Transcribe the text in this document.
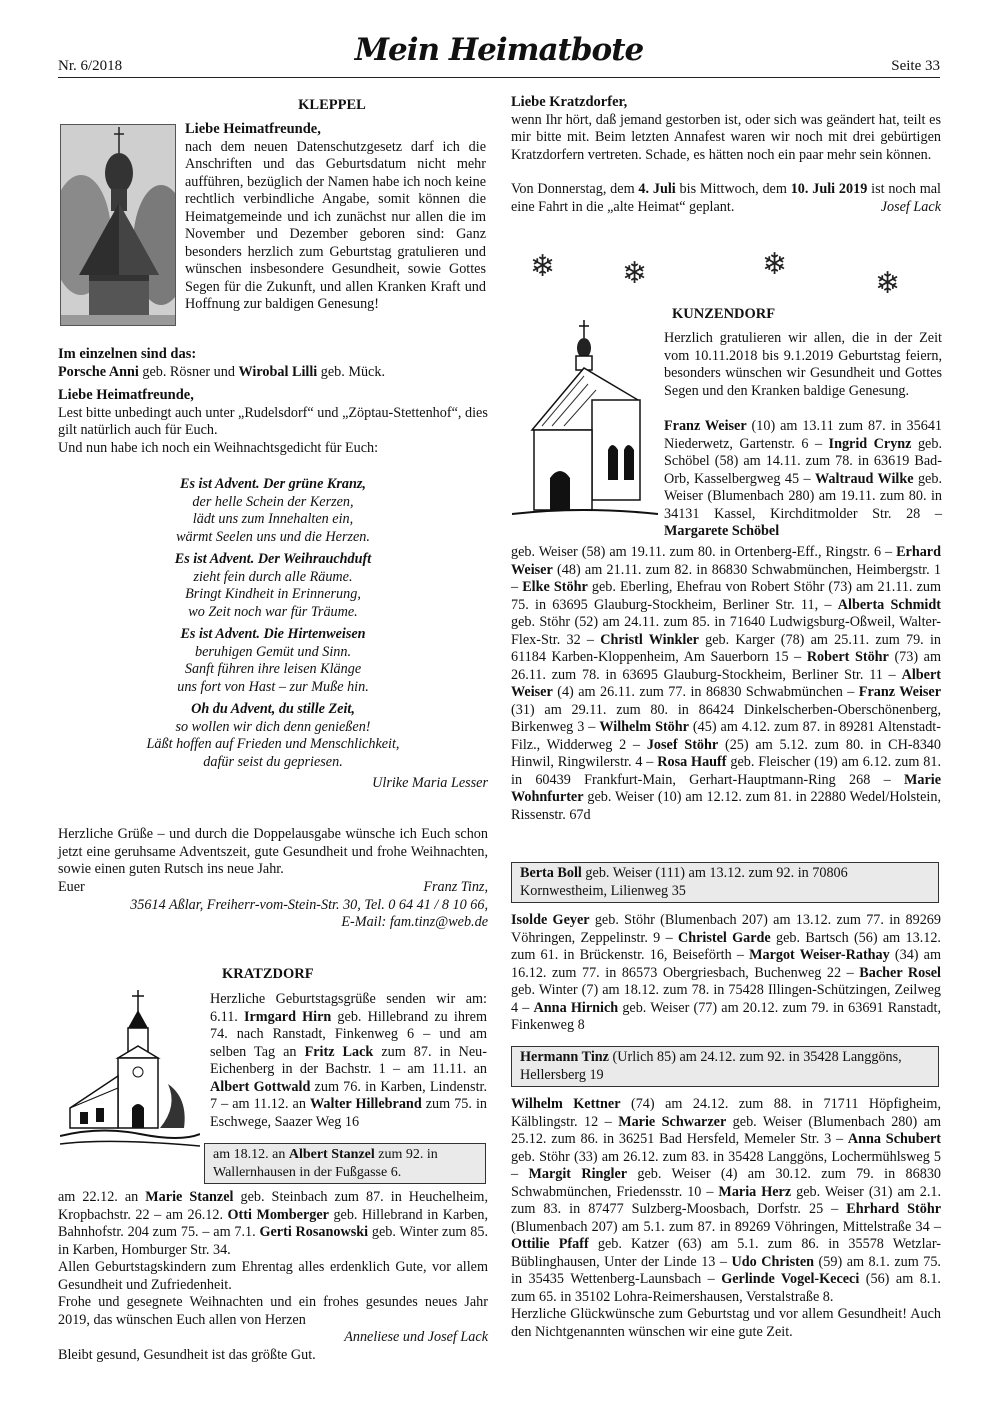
Nr. 6/2018	Mein Heimatbote	Seite 33
KLEPPEL

Liebe Heimatfreunde,

nach dem neuen Datenschutzgesetz darf ich die Anschriften und das Geburtsdatum nicht mehr aufführen, bezüglich der Namen habe ich noch keine rechtlich verbindliche Angabe, somit können die Heimatgemeinde und ich zunächst nur allen die im November und Dezember geboren sind: Ganz besonders herzlich zum Geburtstag gratulieren und wünschen insbesondere Gesundheit, sowie Gottes Segen für die Zukunft, und allen Kranken Kraft und Hoffnung zur baldigen Genesung!

Im einzelnen sind das:

Porsche Anni geb. Rösner und Wirobal Lilli geb. Mück.

Liebe Heimatfreunde,

Lest bitte unbedingt auch unter „Rudelsdorf“ und „Zöptau-Stettenhof“, dies gilt natürlich auch für Euch.

Und nun habe ich noch ein Weihnachtsgedicht für Euch:

Es ist Advent. Der grüne Kranz,

der helle Schein der Kerzen,

lädt uns zum Innehalten ein,

wärmt Seelen uns und die Herzen.

Es ist Advent. Der Weihrauchduft

zieht fein durch alle Räume.

Bringt Kindheit in Erinnerung,

wo Zeit noch war für Träume.

Es ist Advent. Die Hirtenweisen

beruhigen Gemüt und Sinn.

Sanft führen ihre leisen Klänge

uns fort von Hast – zur Muße hin.

Oh du Advent, du stille Zeit,

so wollen wir dich denn genießen!

Läßt hoffen auf Frieden und Menschlichkeit,

dafür seist du gepriesen.

Ulrike Maria Lesser

Herzliche Grüße – und durch die Doppelausgabe wünsche ich Euch schon jetzt eine geruhsame Adventszeit, gute Gesundheit und frohe Weihnachten, sowie einen guten Rutsch ins neue Jahr.

Euer	Franz Tinz,

35614 Aßlar, Freiherr-vom-Stein-Str. 30, Tel. 0 64 41 / 8 10 66,

E-Mail: fam.tinz@web.de

KRATZDORF

Herzliche Geburtstagsgrüße senden wir am: 6.11. Irmgard Hirn geb. Hillebrand zu ihrem 74. nach Ranstadt, Finkenweg 6 – und am selben Tag an Fritz Lack zum 87. in Neu-Eichenberg in der Bachstr. 1 – am 11.11. an Albert Gottwald zum 76. in Karben, Lindenstr. 7 – am 11.12. an Walter Hillebrand zum 75. in Eschwege, Saazer Weg 16

am 18.12. an Albert Stanzel zum 92. in Wallernhausen in der Fußgasse 6.

am 22.12. an Marie Stanzel geb. Steinbach zum 87. in Heuchelheim, Kropbachstr. 22 – am 26.12. Otti Momberger geb. Hillebrand in Karben, Bahnhofstr. 204 zum 75. – am 7.1. Gerti Rosanowski geb. Winter zum 85. in Karben, Homburger Str. 34.

Allen Geburtstagskindern zum Ehrentag alles erdenklich Gute, vor allem Gesundheit und Zufriedenheit.

Frohe und gesegnete Weihnachten und ein frohes gesundes neues Jahr 2019, das wünschen Euch allen von Herzen

Anneliese und Josef Lack

Bleibt gesund, Gesundheit ist das größte Gut.

Liebe Kratzdorfer,

wenn Ihr hört, daß jemand gestorben ist, oder sich was geändert hat, teilt es mir bitte mit. Beim letzten Annafest waren wir noch mit drei gebürtigen Kratzdorfern vertreten. Schade, es hätten noch ein paar mehr sein können.

Von Donnerstag, dem 4. Juli bis Mittwoch, dem 10. Juli 2019 ist noch mal eine Fahrt in die „alte Heimat“ geplant.	Josef Lack

❄ ❄	❄
❄
KUNZENDORF

Herzlich gratulieren wir allen, die in der Zeit vom 10.11.2018 bis 9.1.2019 Geburtstag feiern, besonders wünschen wir Gesundheit und Gottes Segen und den Kranken baldige Genesung.

Franz Weiser (10) am 13.11 zum 87. in 35641 Niederwetz, Gartenstr. 6 – Ingrid Crynz geb. Schöbel (58) am 14.11. zum 78. in 63619 Bad-Orb, Kasselbergweg 45 – Waltraud Wilke geb. Weiser (Blumenbach 280) am 19.11. zum 80. in 34131 Kassel, Kirchditmolder Str. 28 – Margarete Schöbel

geb. Weiser (58) am 19.11. zum 80. in Ortenberg-Eff., Ringstr. 6 – Erhard Weiser (48) am 21.11. zum 82. in 86830 Schwabmünchen, Heimbergstr. 1 – Elke Stöhr geb. Eberling, Ehefrau von Robert Stöhr (73) am 21.11. zum 75. in 63695 Glauburg-Stockheim, Berliner Str. 11, – Alberta Schmidt geb. Stöhr (52) am 24.11. zum 85. in 71640 Ludwigsburg-Oßweil, Walter-Flex-Str. 32 – Christl Winkler geb. Karger (78) am 25.11. zum 79. in 61184 Karben-Kloppenheim, Am Sauerborn 15 – Robert Stöhr (73) am 26.11. zum 78. in 63695 Glauburg-Stockheim, Berliner Str. 11 – Albert Weiser (4) am 26.11. zum 77. in 86830 Schwabmünchen – Franz Weiser (31) am 29.11. zum 80. in 86424 Dinkelscherben-Oberschönenberg, Birkenweg 3 – Wilhelm Stöhr (45) am 4.12. zum 87. in 89281 Altenstadt-Filz., Widderweg 2 – Josef Stöhr (25) am 5.12. zum 80. in CH-8340 Hinwil, Ringwilerstr. 4 – Rosa Hauff geb. Fleischer (19) am 6.12. zum 81. in 60439 Frankfurt-Main, Gerhart-Hauptmann-Ring 268 – Marie Wohnfurter geb. Weiser (10) am 12.12. zum 81. in 22880 Wedel/Holstein, Rissenstr. 67d

Berta Boll geb. Weiser (111) am 13.12. zum 92. in 70806 Kornwestheim, Lilienweg 35

Isolde Geyer geb. Stöhr (Blumenbach 207) am 13.12. zum 77. in 89269 Vöhringen, Zeppelinstr. 9 – Christel Garde geb. Bartsch (56) am 13.12. zum 61. in Brückenstr. 16, Beiseförth – Margot Weiser-Rathay (34) am 16.12. zum 77. in 86573 Obergriesbach, Buchenweg 22 – Bacher Rosel geb. Winter (7) am 18.12. zum 78. in 75428 Illingen-Schützingen, Zeilweg 4 – Anna Hirnich geb. Weiser (77) am 20.12. zum 79. in 63691 Ranstadt, Finkenweg 8

Hermann Tinz (Urlich 85) am 24.12. zum 92. in 35428 Langgöns, Hellersberg 19

Wilhelm Kettner (74) am 24.12. zum 88. in 71711 Höpfigheim, Kälblingstr. 12 – Marie Schwarzer geb. Weiser (Blumenbach 280) am 25.12. zum 86. in 36251 Bad Hersfeld, Memeler Str. 3 – Anna Schubert geb. Stöhr (33) am 26.12. zum 83. in 35428 Langgöns, Lochermühlsweg 5 – Margit Ringler geb. Weiser (4) am 30.12. zum 79. in 86830 Schwabmünchen, Friedensstr. 10 – Maria Herz geb. Weiser (31) am 2.1. zum 83. in 87477 Sulzberg-Moosbach, Dorfstr. 25 – Ehrhard Stöhr (Blumenbach 207) am 5.1. zum 87. in 89269 Vöhringen, Mittelstraße 34 – Ottilie Pfaff geb. Katzer (63) am 5.1. zum 86. in 35578 Wetzlar-Büblinghausen, Unter der Linde 13 – Udo Christen (59) am 8.1. zum 75. in 35435 Wettenberg-Launsbach – Gerlinde Vogel-Kececi (56) am 8.1. zum 65. in 35102 Lohra-Reimershausen, Verstalstraße 8.

Herzliche Glückwünsche zum Geburtstag und vor allem Gesundheit! Auch den Nichtgenannten wünschen wir eine gute Zeit.
